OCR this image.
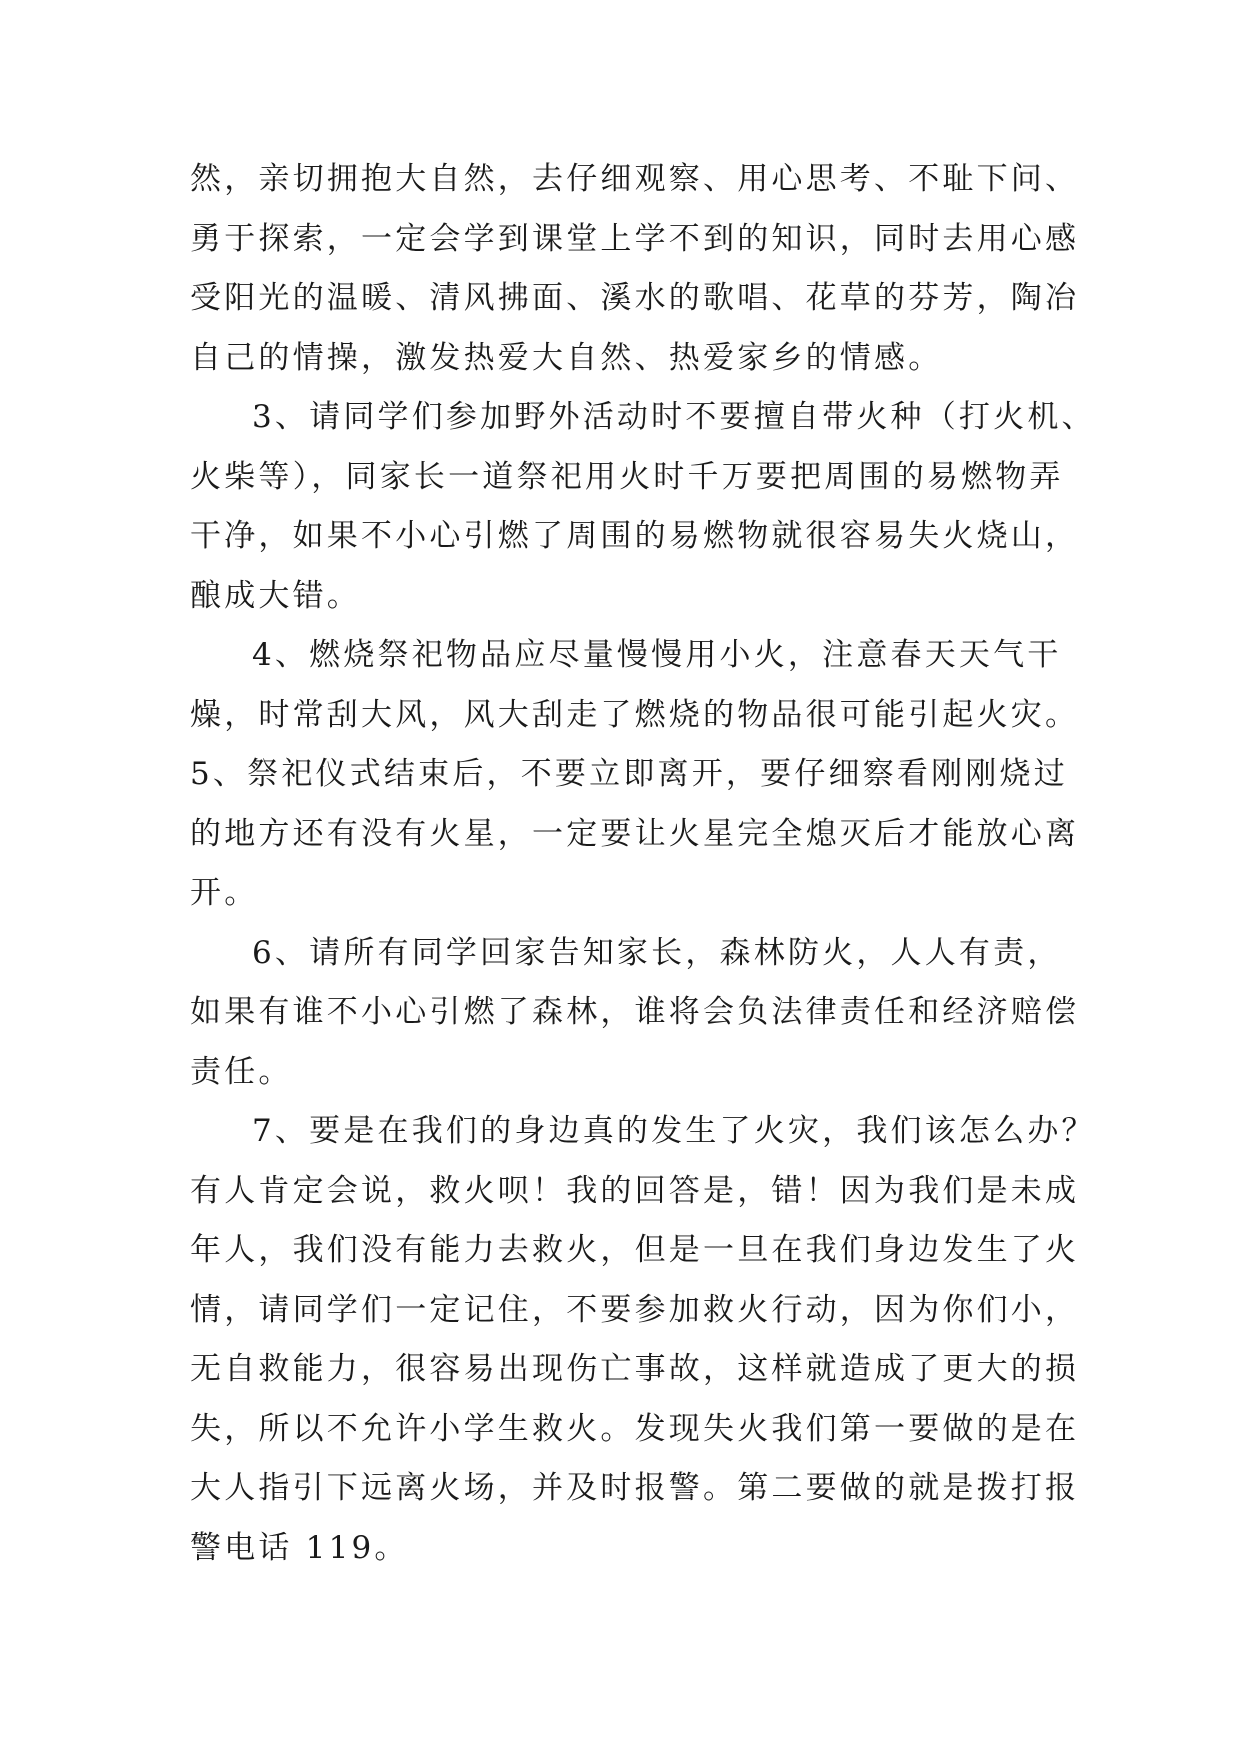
然，亲切拥抱大自然，去仔细观察、用心思考、不耻下问、
勇于探索，一定会学到课堂上学不到的知识，同时去用心感
受阳光的温暖、清风拂面、溪水的歌唱、花草的芬芳，陶冶
自己的情操，激发热爱大自然、热爱家乡的情感。
3、请同学们参加野外活动时不要擅自带火种（打火机、
火柴等），同家长一道祭祀用火时千万要把周围的易燃物弄
干净，如果不小心引燃了周围的易燃物就很容易失火烧山，
酿成大错。
4、燃烧祭祀物品应尽量慢慢用小火，注意春天天气干
燥，时常刮大风，风大刮走了燃烧的物品很可能引起火灾。
5、祭祀仪式结束后，不要立即离开，要仔细察看刚刚烧过
的地方还有没有火星，一定要让火星完全熄灭后才能放心离
开。
6、请所有同学回家告知家长，森林防火，人人有责，
如果有谁不小心引燃了森林，谁将会负法律责任和经济赔偿
责任。
7、要是在我们的身边真的发生了火灾，我们该怎么办？
有人肯定会说，救火呗！我的回答是，错！因为我们是未成
年人，我们没有能力去救火，但是一旦在我们身边发生了火
情，请同学们一定记住，不要参加救火行动，因为你们小，
无自救能力，很容易出现伤亡事故，这样就造成了更大的损
失，所以不允许小学生救火。发现失火我们第一要做的是在
大人指引下远离火场，并及时报警。第二要做的就是拨打报
警电话 119。
